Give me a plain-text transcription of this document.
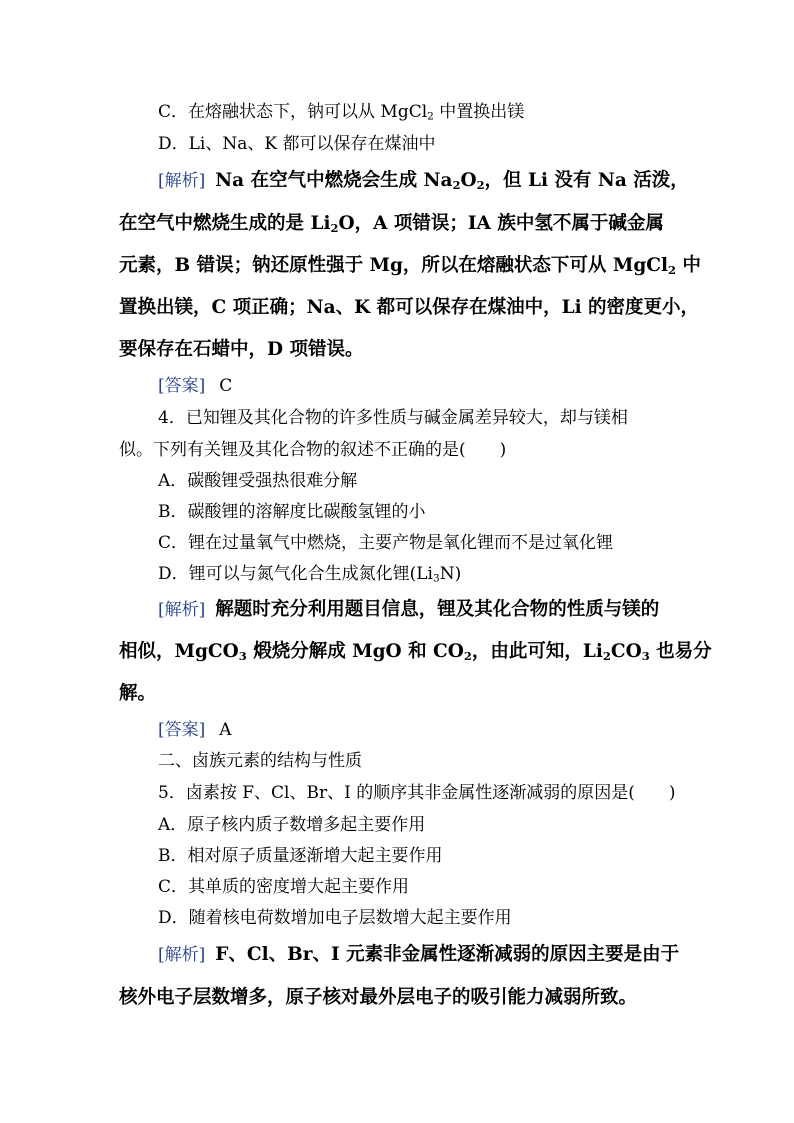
C．在熔融状态下，钠可以从 MgCl$_2$ 中置换出镁
D．Li、Na、K 都可以保存在煤油中
[解析] Na 在空气中燃烧会生成 $Na_2O_2$，但 Li 没有 Na 活泼，
在空气中燃烧生成的是 $Li_2O$，A 项错误；ⅠA 族中氢不属于碱金属
元素，B 错误；钠还原性强于 Mg，所以在熔融状态下可从 MgCl$_2$ 中
置换出镁，C 项正确；Na、K 都可以保存在煤油中，Li 的密度更小，
要保存在石蜡中，D 项错误。
[答案] C
4．已知锂及其化合物的许多性质与碱金属差异较大，却与镁相
似。下列有关锂及其化合物的叙述不正确的是(　　)
A．碳酸锂受强热很难分解
B．碳酸锂的溶解度比碳酸氢锂的小
C．锂在过量氧气中燃烧，主要产物是氧化锂而不是过氧化锂
D．锂可以与氮气化合生成氮化锂$(Li_3N)$
[解析] 解题时充分利用题目信息，锂及其化合物的性质与镁的
相似，MgCO$_3$ 煅烧分解成 MgO 和 $CO_2$，由此可知，$Li_2CO_3$ 也易分
解。
[答案] A
二、卤族元素的结构与性质
5．卤素按 F、Cl、Br、I 的顺序其非金属性逐渐减弱的原因是(　　)
A．原子核内质子数增多起主要作用
B．相对原子质量逐渐增大起主要作用
C．其单质的密度增大起主要作用
D．随着核电荷数增加电子层数增大起主要作用
[解析] F、Cl、Br、I 元素非金属性逐渐减弱的原因主要是由于
核外电子层数增多，原子核对最外层电子的吸引能力减弱所致。
